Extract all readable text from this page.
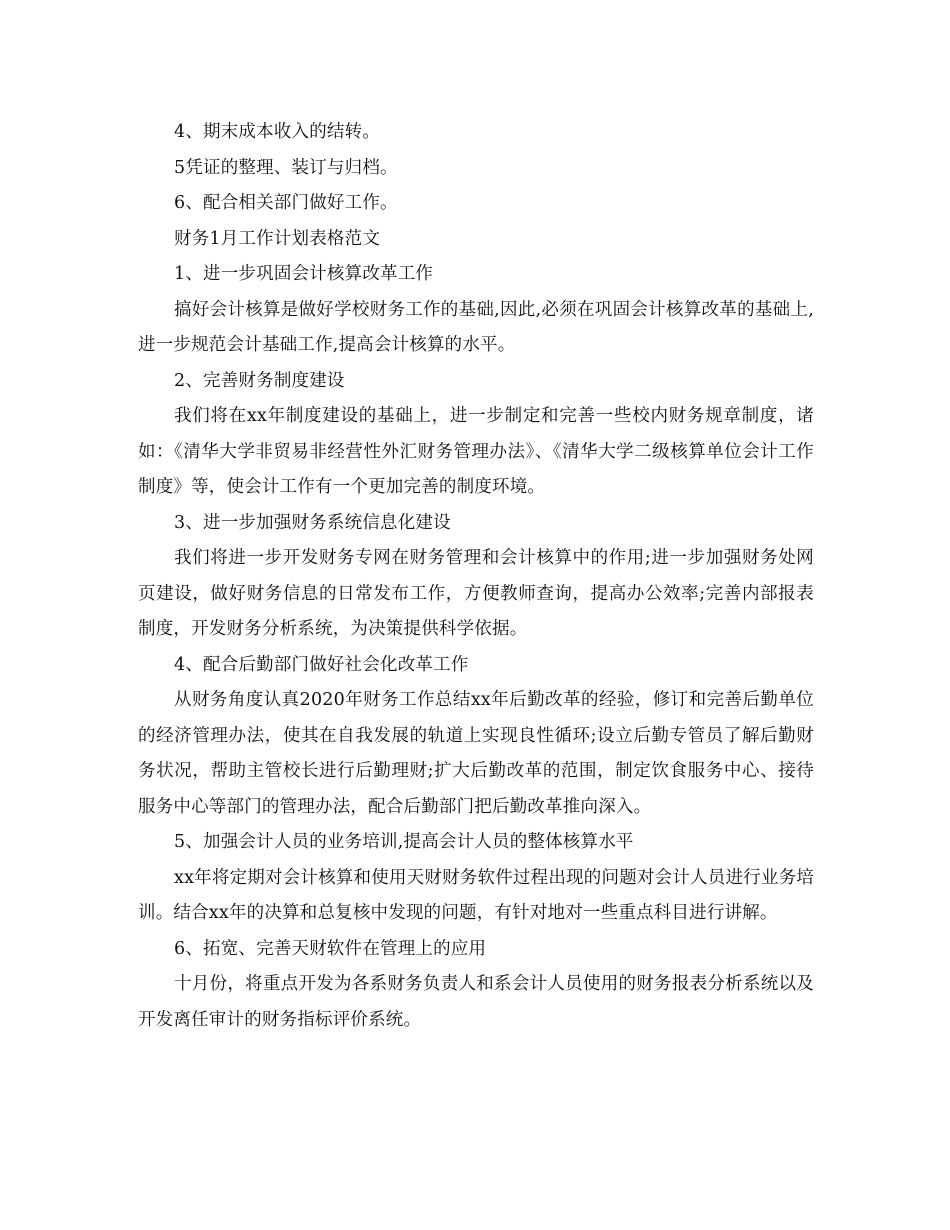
4、期末成本收入的结转。

5凭证的整理、装订与归档。

6、配合相关部门做好工作。

财务1月工作计划表格范文

1、进一步巩固会计核算改革工作

搞好会计核算是做好学校财务工作的基础,因此,必须在巩固会计核算改革的基础上,进一步规范会计基础工作,提高会计核算的水平。

2、完善财务制度建设

我们将在xx年制度建设的基础上，进一步制定和完善一些校内财务规章制度，诸如：《清华大学非贸易非经营性外汇财务管理办法》、《清华大学二级核算单位会计工作制度》等，使会计工作有一个更加完善的制度环境。

3、进一步加强财务系统信息化建设

我们将进一步开发财务专网在财务管理和会计核算中的作用;进一步加强财务处网页建设，做好财务信息的日常发布工作，方便教师查询，提高办公效率;完善内部报表制度，开发财务分析系统，为决策提供科学依据。

4、配合后勤部门做好社会化改革工作

从财务角度认真2020年财务工作总结xx年后勤改革的经验，修订和完善后勤单位的经济管理办法，使其在自我发展的轨道上实现良性循环;设立后勤专管员了解后勤财务状况，帮助主管校长进行后勤理财;扩大后勤改革的范围，制定饮食服务中心、接待服务中心等部门的管理办法，配合后勤部门把后勤改革推向深入。

5、加强会计人员的业务培训,提高会计人员的整体核算水平

xx年将定期对会计核算和使用天财财务软件过程出现的问题对会计人员进行业务培训。结合xx年的决算和总复核中发现的问题，有针对地对一些重点科目进行讲解。

6、拓宽、完善天财软件在管理上的应用

十月份，将重点开发为各系财务负责人和系会计人员使用的财务报表分析系统以及开发离任审计的财务指标评价系统。
